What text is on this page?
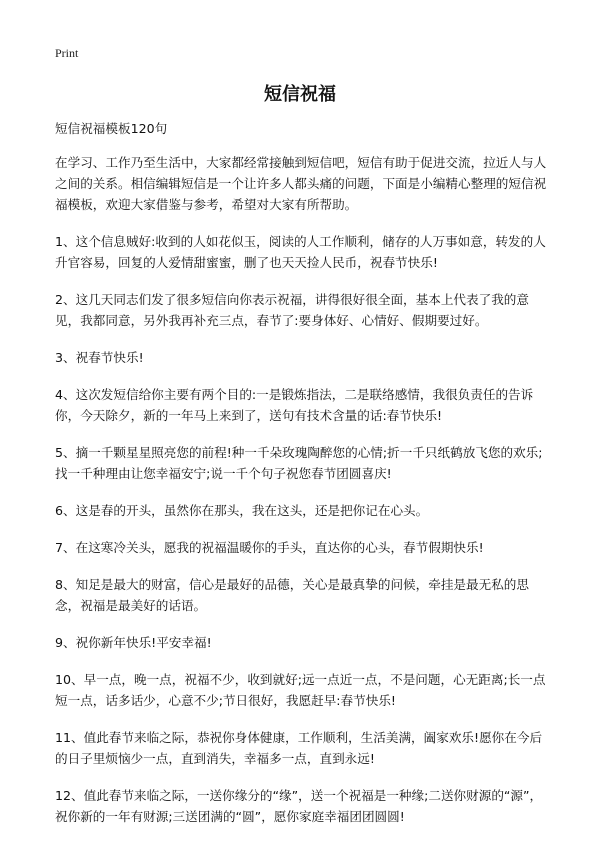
Print
短信祝福

短信祝福模板120句

在学习、工作乃至生活中，大家都经常接触到短信吧，短信有助于促进交流，拉近人与人之间的关系。相信编辑短信是一个让许多人都头痛的问题，下面是小编精心整理的短信祝福模板，欢迎大家借鉴与参考，希望对大家有所帮助。

1、这个信息贼好:收到的人如花似玉，阅读的人工作顺利，储存的人万事如意，转发的人升官容易，回复的人爱情甜蜜蜜，删了也天天捡人民币，祝春节快乐!

2、这几天同志们发了很多短信向你表示祝福，讲得很好很全面，基本上代表了我的意见，我都同意，另外我再补充三点，春节了:要身体好、心情好、假期要过好。

3、祝春节快乐!

4、这次发短信给你主要有两个目的:一是锻炼指法，二是联络感情，我很负责任的告诉你，今天除夕，新的一年马上来到了，送句有技术含量的话:春节快乐!

5、摘一千颗星星照亮您的前程!种一千朵玫瑰陶醉您的心情;折一千只纸鹤放飞您的欢乐;找一千种理由让您幸福安宁;说一千个句子祝您春节团圆喜庆!

6、这是春的开头，虽然你在那头，我在这头，还是把你记在心头。

7、在这寒冷关头，愿我的祝福温暖你的手头，直达你的心头，春节假期快乐!

8、知足是最大的财富，信心是最好的品德，关心是最真挚的问候，牵挂是最无私的思念，祝福是最美好的话语。

9、祝你新年快乐!平安幸福!

10、早一点，晚一点，祝福不少，收到就好;远一点近一点，不是问题，心无距离;长一点短一点，话多话少，心意不少;节日很好，我愿赶早:春节快乐!

11、值此春节来临之际，恭祝你身体健康，工作顺利，生活美满，阖家欢乐!愿你在今后的日子里烦恼少一点，直到消失，幸福多一点，直到永远!

12、值此春节来临之际，一送你缘分的“缘”，送一个祝福是一种缘;二送你财源的“源”，祝你新的一年有财源;三送团满的“圆”，愿你家庭幸福团团圆圆!
